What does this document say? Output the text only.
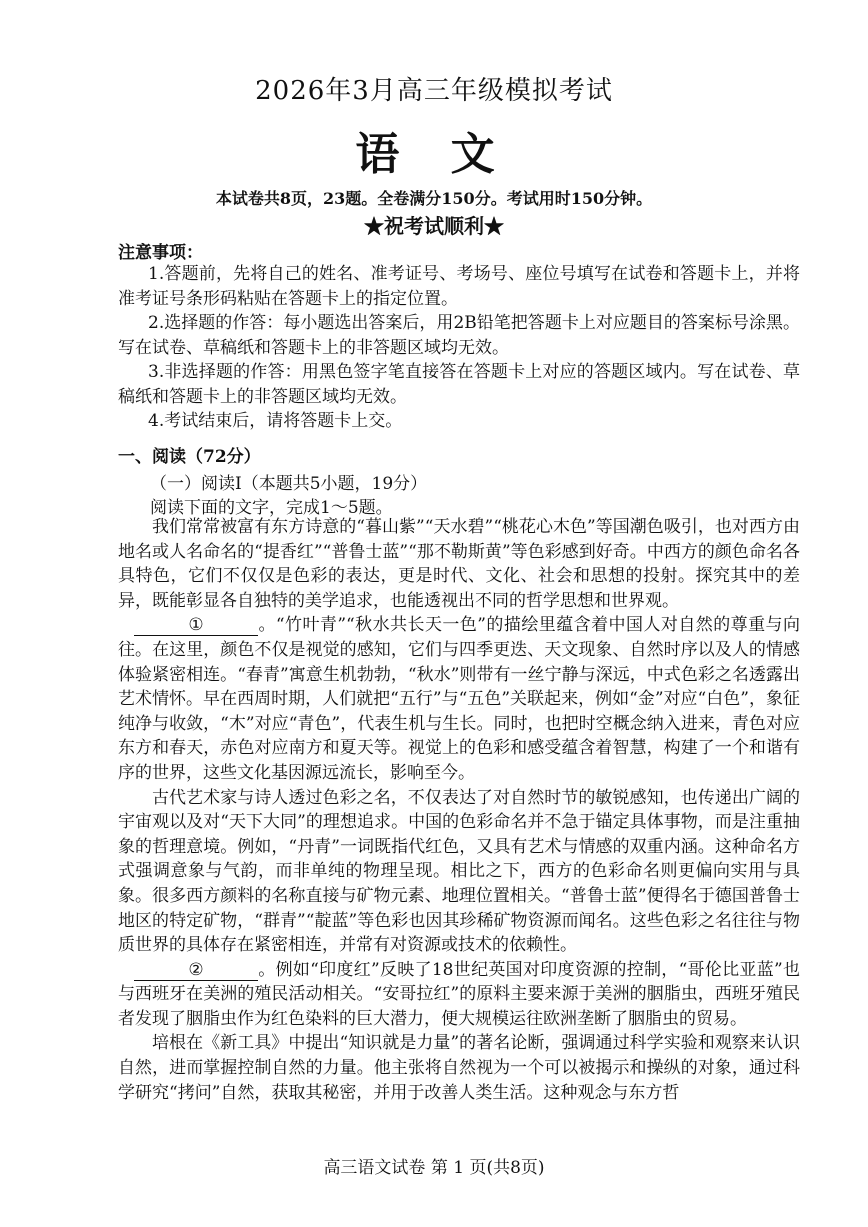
2026年3月高三年级模拟考试
语 文
本试卷共8页，23题。全卷满分150分。考试用时150分钟。
★祝考试顺利★
注意事项：

1.答题前，先将自己的姓名、准考证号、考场号、座位号填写在试卷和答题卡上，并将准考证号条形码粘贴在答题卡上的指定位置。

2.选择题的作答：每小题选出答案后，用2B铅笔把答题卡上对应题目的答案标号涂黑。写在试卷、草稿纸和答题卡上的非答题区域均无效。

3.非选择题的作答：用黑色签字笔直接答在答题卡上对应的答题区域内。写在试卷、草稿纸和答题卡上的非答题区域均无效。

4.考试结束后，请将答题卡上交。

一、阅读（72分）
（一）阅读Ⅰ（本题共5小题，19分）
阅读下面的文字，完成1～5题。

我们常常被富有东方诗意的“暮山紫”“天水碧”“桃花心木色”等国潮色吸引，也对西方由地名或人名命名的“提香红”“普鲁士蓝”“那不勒斯黄”等色彩感到好奇。中西方的颜色命名各具特色，它们不仅仅是色彩的表达，更是时代、文化、社会和思想的投射。探究其中的差异，既能彰显各自独特的美学追求，也能透视出不同的哲学思想和世界观。

①	。“竹叶青”“秋水共长天一色”的描绘里蕴含着中国人对自然的尊重与向往。在这里，颜色不仅是视觉的感知，它们与四季更迭、天文现象、自然时序以及人的情感体验紧密相连。“春青”寓意生机勃勃，“秋水”则带有一丝宁静与深远，中式色彩之名透露出艺术情怀。早在西周时期，人们就把“五行”与“五色”关联起来，例如“金”对应“白色”，象征纯净与收敛，“木”对应“青色”，代表生机与生长。同时，也把时空概念纳入进来，青色对应东方和春天，赤色对应南方和夏天等。视觉上的色彩和感受蕴含着智慧，构建了一个和谐有序的世界，这些文化基因源远流长，影响至今。

古代艺术家与诗人透过色彩之名，不仅表达了对自然时节的敏锐感知，也传递出广阔的宇宙观以及对“天下大同”的理想追求。中国的色彩命名并不急于锚定具体事物，而是注重抽象的哲理意境。例如，“丹青”一词既指代红色，又具有艺术与情感的双重内涵。这种命名方式强调意象与气韵，而非单纯的物理呈现。相比之下，西方的色彩命名则更偏向实用与具象。很多西方颜料的名称直接与矿物元素、地理位置相关。“普鲁士蓝”便得名于德国普鲁士地区的特定矿物，“群青”“靛蓝”等色彩也因其珍稀矿物资源而闻名。这些色彩之名往往与物质世界的具体存在紧密相连，并常有对资源或技术的依赖性。

②	。例如“印度红”反映了18世纪英国对印度资源的控制，“哥伦比亚蓝”也与西班牙在美洲的殖民活动相关。“安哥拉红”的原料主要来源于美洲的胭脂虫，西班牙殖民者发现了胭脂虫作为红色染料的巨大潜力，便大规模运往欧洲垄断了胭脂虫的贸易。

培根在《新工具》中提出“知识就是力量”的著名论断，强调通过科学实验和观察来认识自然，进而掌握控制自然的力量。他主张将自然视为一个可以被揭示和操纵的对象，通过科学研究“拷问”自然，获取其秘密，并用于改善人类生活。这种观念与东方哲

高三语文试卷 第 1 页(共8页)
